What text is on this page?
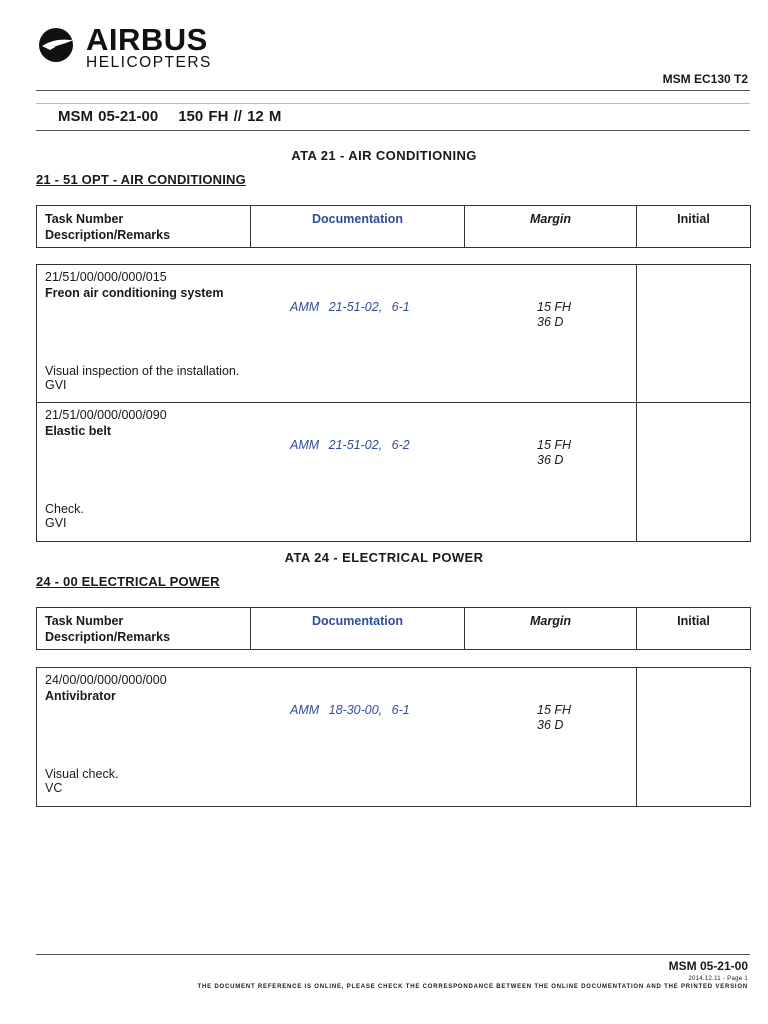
AIRBUS
HELICOPTERS
MSM EC130 T2
MSM 05-21-00 150 FH // 12 M
ATA 21 - AIR CONDITIONING
21 - 51 OPT - AIR CONDITIONING
Task Number
Description/Remarks
Documentation	Margin	Initial
21/51/00/000/000/015
Freon air conditioning system
AMM 21-51-02, 6-1	15 FH
36 D
Visual inspection of the installation.
GVI
21/51/00/000/000/090
Elastic belt
AMM 21-51-02, 6-2	15 FH
36 D
Check.
GVI
ATA 24 - ELECTRICAL POWER
24 - 00 ELECTRICAL POWER
Task Number
Description/Remarks
Documentation	Margin	Initial
24/00/00/000/000/000
Antivibrator
AMM 18-30-00, 6-1	15 FH
36 D
Visual check.
VC
MSM 05-21-00
2014.12.11 - Page 1
THE DOCUMENT REFERENCE IS ONLINE, PLEASE CHECK THE CORRESPONDANCE BETWEEN THE ONLINE DOCUMENTATION AND THE PRINTED VERSION
